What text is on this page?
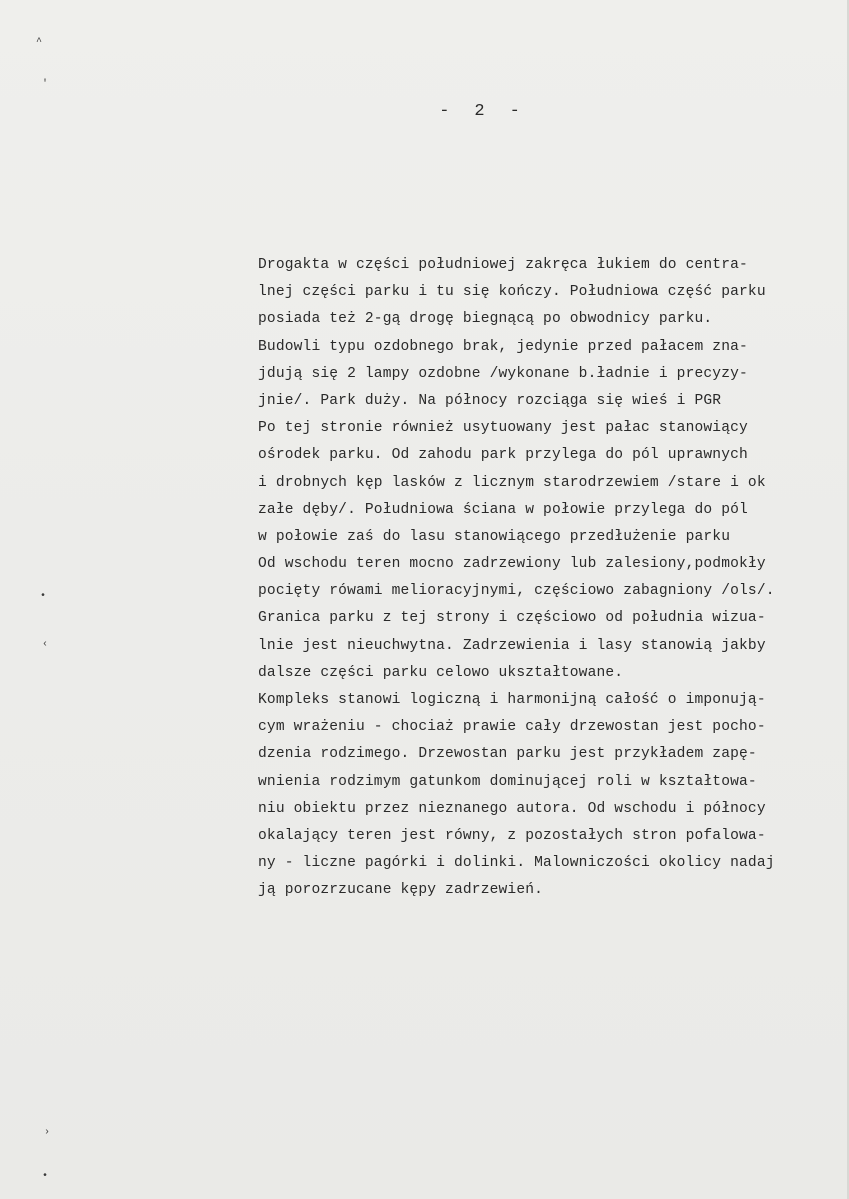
^
'
•
‹
›
•
- 2 -
Drogakta w części południowej zakręca łukiem do centra-
lnej części parku i tu się kończy. Południowa część parku
posiada też 2-gą drogę biegnącą po obwodnicy parku.
Budowli typu ozdobnego brak, jedynie przed pałacem zna-
jdują się 2 lampy ozdobne /wykonane b.ładnie i precyzy-
jnie/. Park duży. Na północy rozciąga się wieś i PGR
Po tej stronie również usytuowany jest pałac stanowiący
ośrodek parku. Od zahodu park przylega do pól uprawnych
i drobnych kęp lasków z licznym starodrzewiem /stare i ok
załe dęby/. Południowa ściana w połowie przylega do pól
w połowie zaś do lasu stanowiącego przedłużenie parku
Od wschodu teren mocno zadrzewiony lub zalesiony,podmokły
pocięty rówami melioracyjnymi, częściowo zabagniony /ols/.
Granica parku z tej strony i częściowo od południa wizua-
lnie jest nieuchwytna. Zadrzewienia i lasy stanowią jakby
dalsze części parku celowo ukształtowane.
Kompleks stanowi logiczną i harmonijną całość o imponują-
cym wrażeniu - chociaż prawie cały drzewostan jest pocho-
dzenia rodzimego. Drzewostan parku jest przykładem zapę-
wnienia rodzimym gatunkom dominującej roli w kształtowa-
niu obiektu przez nieznanego autora. Od wschodu i północy
okalający teren jest równy, z pozostałych stron pofalowa-
ny - liczne pagórki i dolinki. Malowniczości okolicy nadaj
ją porozrzucane kępy zadrzewień.
